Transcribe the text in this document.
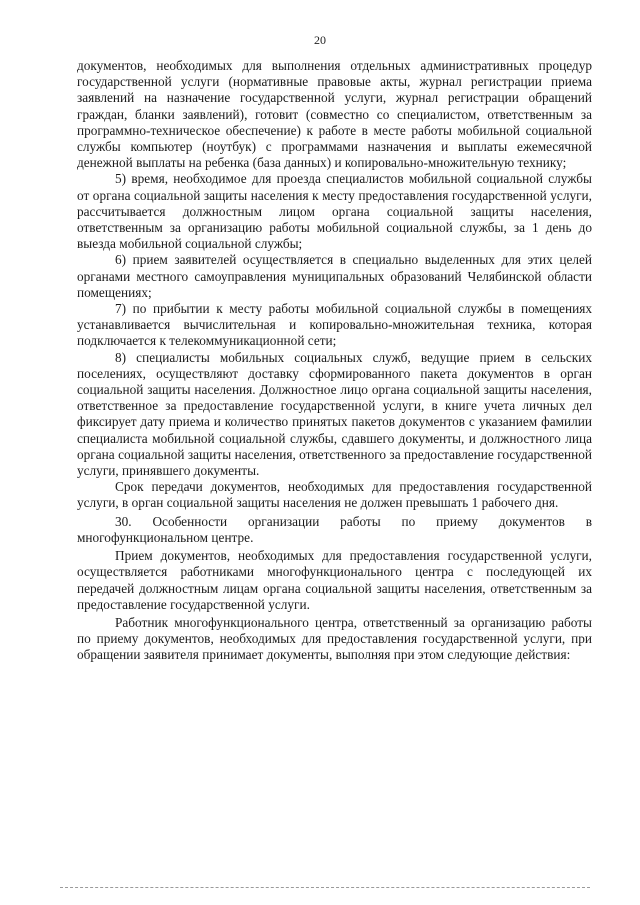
20

документов, необходимых для выполнения отдельных административных процедур государственной услуги (нормативные правовые акты, журнал регистрации приема заявлений на назначение государственной услуги, журнал регистрации обращений граждан, бланки заявлений), готовит (совместно со специалистом, ответственным за программно-техническое обеспечение) к работе в месте работы мобильной социальной службы компьютер (ноутбук) с программами назначения и выплаты ежемесячной денежной выплаты на ребенка (база данных) и копировально-множительную технику;

5) время, необходимое для проезда специалистов мобильной социальной службы от органа социальной защиты населения к месту предоставления государственной услуги, рассчитывается должностным лицом органа социальной защиты населения, ответственным за организацию работы мобильной социальной службы, за 1 день до выезда мобильной социальной службы;

6) прием заявителей осуществляется в специально выделенных для этих целей органами местного самоуправления муниципальных образований Челябинской области помещениях;

7) по прибытии к месту работы мобильной социальной службы в помещениях устанавливается вычислительная и копировально-множительная техника, которая подключается к телекоммуникационной сети;

8) специалисты мобильных социальных служб, ведущие прием в сельских поселениях, осуществляют доставку сформированного пакета документов в орган социальной защиты населения. Должностное лицо органа социальной защиты населения, ответственное за предоставление государственной услуги, в книге учета личных дел фиксирует дату приема и количество принятых пакетов документов с указанием фамилии специалиста мобильной социальной службы, сдавшего документы, и должностного лица органа социальной защиты населения, ответственного за предоставление государственной услуги, принявшего документы.

Срок передачи документов, необходимых для предоставления государственной услуги, в орган социальной защиты населения не должен превышать 1 рабочего дня.

30. Особенности организации работы по приему документов в многофункциональном центре.

Прием документов, необходимых для предоставления государственной услуги, осуществляется работниками многофункционального центра с последующей их передачей должностным лицам органа социальной защиты населения, ответственным за предоставление государственной услуги.

Работник многофункционального центра, ответственный за организацию работы по приему документов, необходимых для предоставления государственной услуги, при обращении заявителя принимает документы, выполняя при этом следующие действия:
